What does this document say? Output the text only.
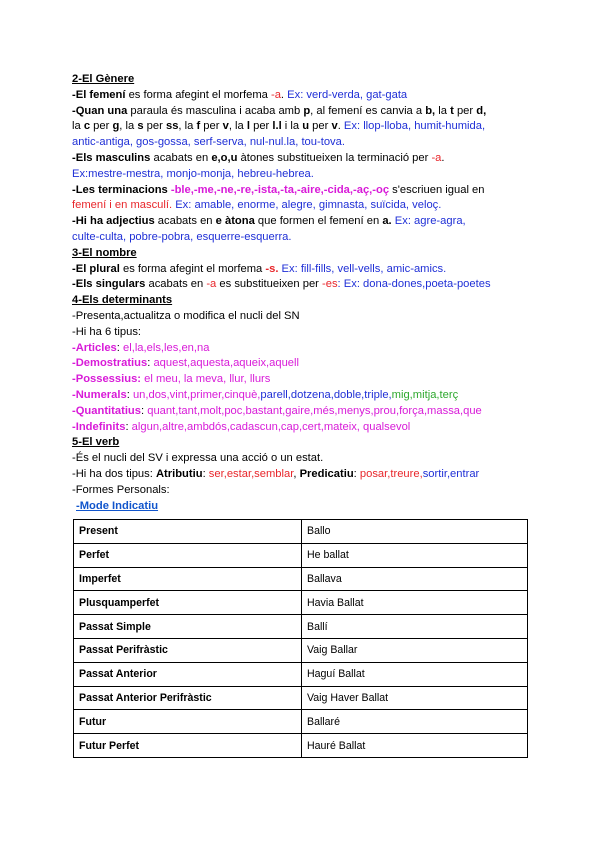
2-El Gènere
-El femení es forma afegint el morfema -a. Ex: verd-verda, gat-gata
-Quan una paraula és masculina i acaba amb p, al femení es canvia a b, la t per d,
la c per g, la s per ss, la f per v, la l per l.l i la u per v. Ex: llop-lloba, humit-humida,
antic-antiga, gos-gossa, serf-serva, nul-nul.la, tou-tova.
-Els masculins acabats en e,o,u àtones substitueixen la terminació per -a.
Ex:mestre-mestra, monjo-monja, hebreu-hebrea.
-Les terminacions -ble,-me,-ne,-re,-ista,-ta,-aire,-cida,-aç,-oç s'escriuen igual en
femení i en masculí. Ex: amable, enorme, alegre, gimnasta, suïcida, veloç.
-Hi ha adjectius acabats en e àtona que formen el femení en a. Ex: agre-agra,
culte-culta, pobre-pobra, esquerre-esquerra.
3-El nombre
-El plural es forma afegint el morfema -s. Ex: fill-fills, vell-vells, amic-amics.
-Els singulars acabats en -a es substitueixen per -es: Ex: dona-dones,poeta-poetes
4-Els determinants
-Presenta,actualitza o modifica el nucli del SN
-Hi ha 6 tipus:
-Articles: el,la,els,les,en,na
-Demostratius: aquest,aquesta,aqueix,aquell
-Possessius: el meu, la meva, llur, llurs
-Numerals: un,dos,vint,primer,cinquè,parell,dotzena,doble,triple,mig,mitja,terç
-Quantitatius: quant,tant,molt,poc,bastant,gaire,més,menys,prou,força,massa,que
-Indefinits: algun,altre,ambdós,cadascun,cap,cert,mateix, qualsevol
5-El verb
-És el nucli del SV i expressa una acció o un estat.
-Hi ha dos tipus: Atributiu: ser,estar,semblar, Predicatiu: posar,treure,sortir,entrar
-Formes Personals:
-Mode Indicatiu
Present	Ballo
Perfet	He ballat
Imperfet	Ballava
Plusquamperfet	Havia Ballat
Passat Simple	Ballí
Passat Perifràstic	Vaig Ballar
Passat Anterior	Haguí Ballat
Passat Anterior Perifràstic	Vaig Haver Ballat
Futur	Ballaré
Futur Perfet	Hauré Ballat
